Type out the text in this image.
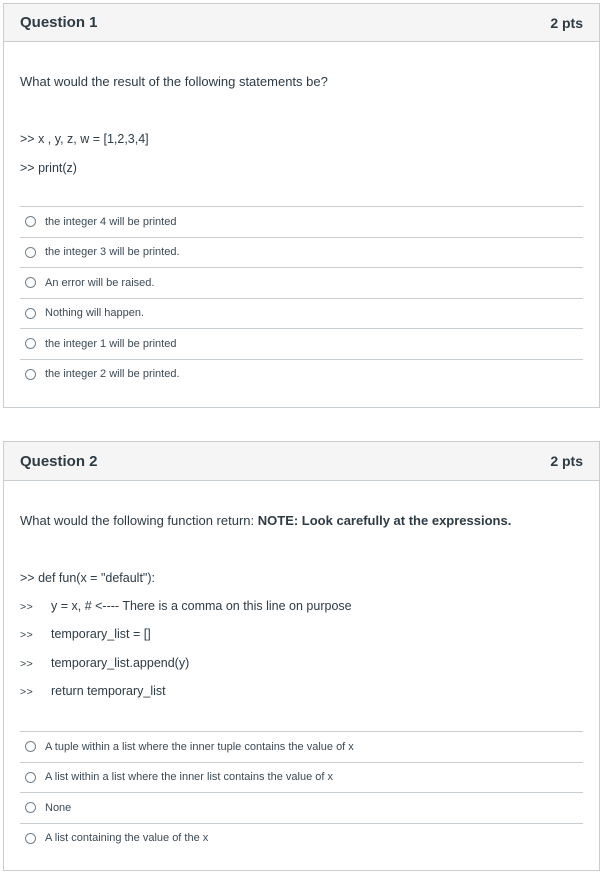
Question 1	2 pts
What would the result of the following statements be?
>> x , y, z, w = [1,2,3,4]
>> print(z)
the integer 4 will be printed
the integer 3 will be printed.
An error will be raised.
Nothing will happen.
the integer 1 will be printed
the integer 2 will be printed.
Question 2	2 pts
What would the following function return: NOTE: Look carefully at the expressions.
>> def fun(x = "default"):
>> y = x, # <---- There is a comma on this line on purpose
>> temporary_list = []
>> temporary_list.append(y)
>> return temporary_list
A tuple within a list where the inner tuple contains the value of x
A list within a list where the inner list contains the value of x
None
A list containing the value of the x
